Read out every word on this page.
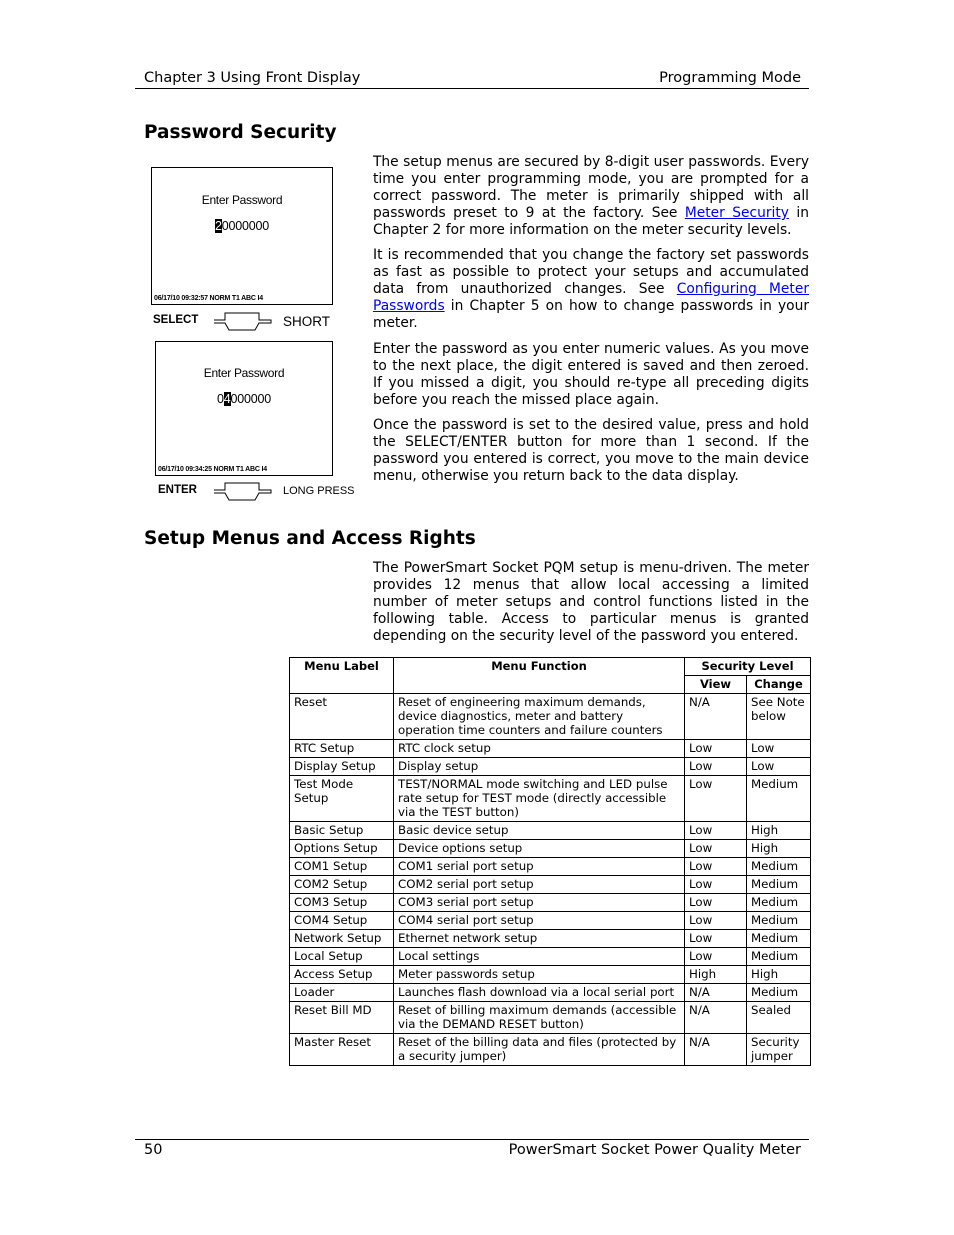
Chapter 3 Using Front Display	Programming Mode
Password Security

The setup menus are secured by 8-digit user passwords. Every time you enter programming mode, you are prompted for a correct password. The meter is primarily shipped with all passwords preset to 9 at the factory. See Meter Security in Chapter 2 for more information on the meter security levels.

It is recommended that you change the factory set passwords as fast as possible to protect your setups and accumulated data from unauthorized changes. See Configuring Meter Passwords in Chapter 5 on how to change passwords in your meter.

Enter the password as you enter numeric values. As you move to the next place, the digit entered is saved and then zeroed. If you missed a digit, you should re-type all preceding digits before you reach the missed place again.

Once the password is set to the desired value, press and hold the SELECT/ENTER button for more than 1 second. If the password you entered is correct, you move to the main device menu, otherwise you return back to the data display.

Enter Password
20000000
06/17/10 09:32:57 NORM T1 ABC I4
SELECT	SHORT
Enter Password
04000000
06/17/10 09:34:25 NORM T1 ABC I4
ENTER	LONG PRESS
Setup Menus and Access Rights

The PowerSmart Socket PQM setup is menu-driven. The meter provides 12 menus that allow local accessing a limited number of meter setups and control functions listed in the following table. Access to particular menus is granted depending on the security level of the password you entered.

Menu Label	Menu Function	Security Level	
		View	Change
Reset	Reset of engineering maximum demands, device diagnostics, meter and battery operation time counters and failure counters	N/A	See Note below
RTC Setup	RTC clock setup	Low	Low
Display Setup	Display setup	Low	Low
Test Mode Setup	TEST/NORMAL mode switching and LED pulse rate setup for TEST mode (directly accessible via the TEST button)	Low	Medium
Basic Setup	Basic device setup	Low	High
Options Setup	Device options setup	Low	High
COM1 Setup	COM1 serial port setup	Low	Medium
COM2 Setup	COM2 serial port setup	Low	Medium
COM3 Setup	COM3 serial port setup	Low	Medium
COM4 Setup	COM4 serial port setup	Low	Medium
Network Setup	Ethernet network setup	Low	Medium
Local Setup	Local settings	Low	Medium
Access Setup	Meter passwords setup	High	High
Loader	Launches flash download via a local serial port	N/A	Medium
Reset Bill MD	Reset of billing maximum demands (accessible via the DEMAND RESET button)	N/A	Sealed
Master Reset	Reset of the billing data and files (protected by a security jumper)	N/A	Security jumper
50	PowerSmart Socket Power Quality Meter
